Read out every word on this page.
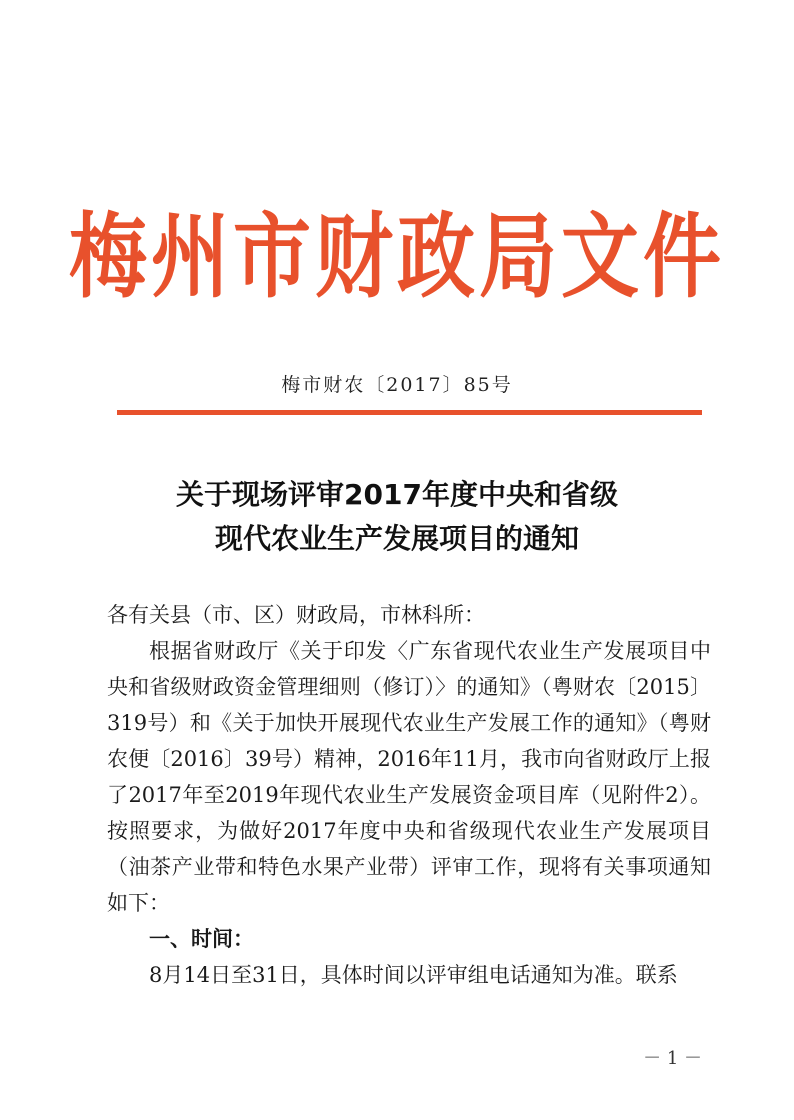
梅州市财政局文件
梅市财农〔2017〕85号
关于现场评审2017年度中央和省级
现代农业生产发展项目的通知

各有关县（市、区）财政局，市林科所：

根据省财政厅《关于印发〈广东省现代农业生产发展项目中央和省级财政资金管理细则（修订）〉的通知》（粤财农〔2015〕319号）和《关于加快开展现代农业生产发展工作的通知》（粤财农便〔2016〕39号）精神，2016年11月，我市向省财政厅上报了2017年至2019年现代农业生产发展资金项目库（见附件2）。按照要求，为做好2017年度中央和省级现代农业生产发展项目（油茶产业带和特色水果产业带）评审工作，现将有关事项通知如下：

一、时间：

8月14日至31日，具体时间以评审组电话通知为准。联系

－ 1 －
